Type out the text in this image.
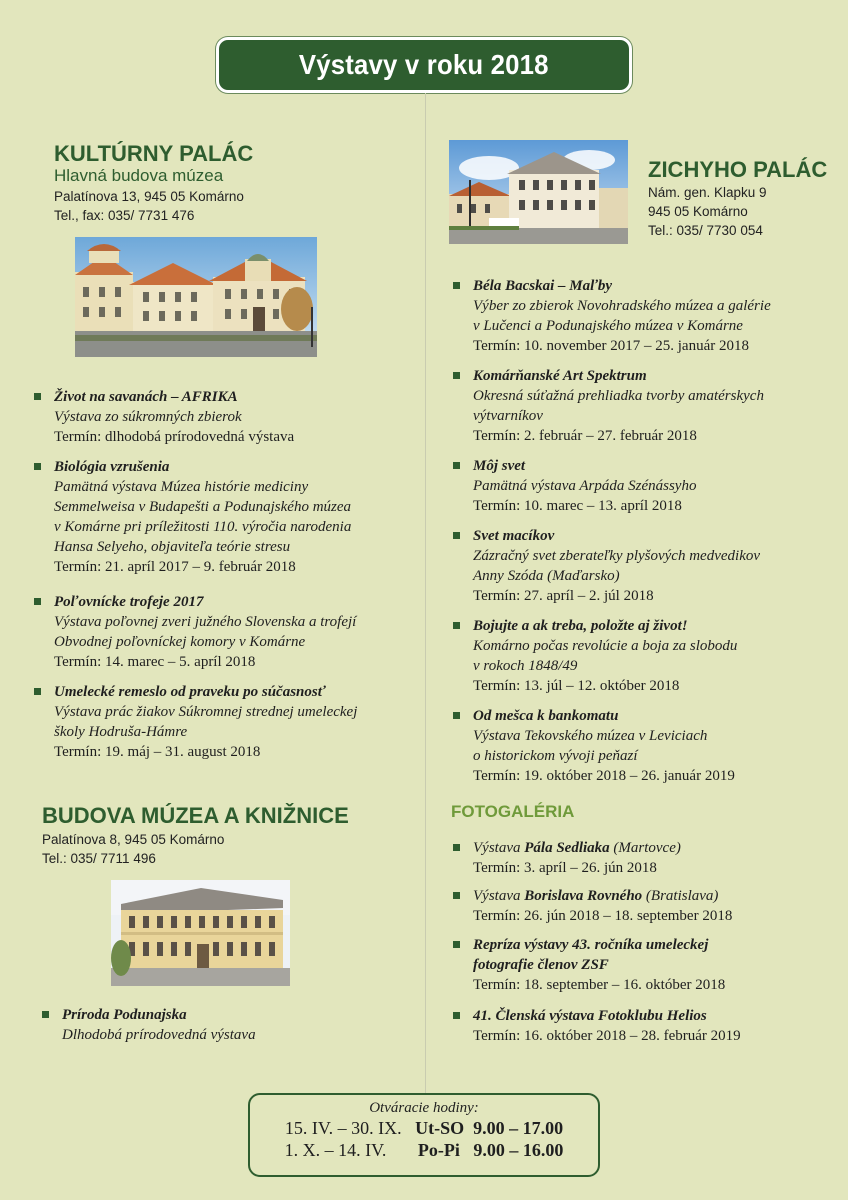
Výstavy v roku 2018
KULTÚRNY PALÁC
Hlavná budova múzea
Palatínova 13, 945 05 Komárno
Tel., fax: 035/ 7731 476
Život na savanách – AFRIKA
Výstava zo súkromných zbierok
Termín: dlhodobá prírodovedná výstava
Biológia vzrušenia
Pamätná výstava Múzea histórie mediciny
Semmelweisa v Budapešti a Podunajského múzea
v Komárne pri príležitosti 110. výročia narodenia
Hansa Selyeho, objaviteľa teórie stresu
Termín: 21. apríl 2017 – 9. február 2018
Poľovnícke trofeje 2017
Výstava poľovnej zveri južného Slovenska a trofejí
Obvodnej poľovníckej komory v Komárne
Termín: 14. marec – 5. apríl 2018
Umelecké remeslo od praveku po súčasnosť
Výstava prác žiakov Súkromnej strednej umeleckej
školy Hodruša-Hámre
Termín: 19. máj – 31. august 2018
BUDOVA MÚZEA A KNIŽNICE
Palatínova 8, 945 05 Komárno
Tel.: 035/ 7711 496
Príroda Podunajska
Dlhodobá prírodovedná výstava
ZICHYHO PALÁC
Nám. gen. Klapku 9
945 05 Komárno
Tel.: 035/ 7730 054
Béla Bacskai – Maľby
Výber zo zbierok Novohradského múzea a galérie
v Lučenci a Podunajského múzea v Komárne
Termín: 10. november 2017 – 25. január 2018
Komárňanské Art Spektrum
Okresná súťažná prehliadka tvorby amatérskych
výtvarníkov
Termín: 2. február – 27. február 2018
Môj svet
Pamätná výstava Arpáda Szénássyho
Termín: 10. marec – 13. apríl 2018
Svet macíkov
Zázračný svet zberateľky plyšových medvedikov
Anny Szóda (Maďarsko)
Termín: 27. apríl – 2. júl 2018
Bojujte a ak treba, položte aj život!
Komárno počas revolúcie a boja za slobodu
v rokoch 1848/49
Termín: 13. júl – 12. október 2018
Od mešca k bankomatu
Výstava Tekovského múzea v Leviciach
o historickom vývoji peňazí
Termín: 19. október 2018 – 26. január 2019
FOTOGALÉRIA
Výstava Pála Sedliaka (Martovce)
Termín: 3. apríl – 26. jún 2018
Výstava Borislava Rovného (Bratislava)
Termín: 26. jún 2018 – 18. september 2018
Repríza výstavy 43. ročníka umeleckej
fotografie členov ZSF
Termín: 18. september – 16. október 2018
41. Členská výstava Fotoklubu Helios
Termín: 16. október 2018 – 28. február 2019
Otváracie hodiny:
15. IV. – 30. IX. Ut-SO 9.00 – 17.00
1. X. – 14. IV. Po-Pi 9.00 – 16.00
